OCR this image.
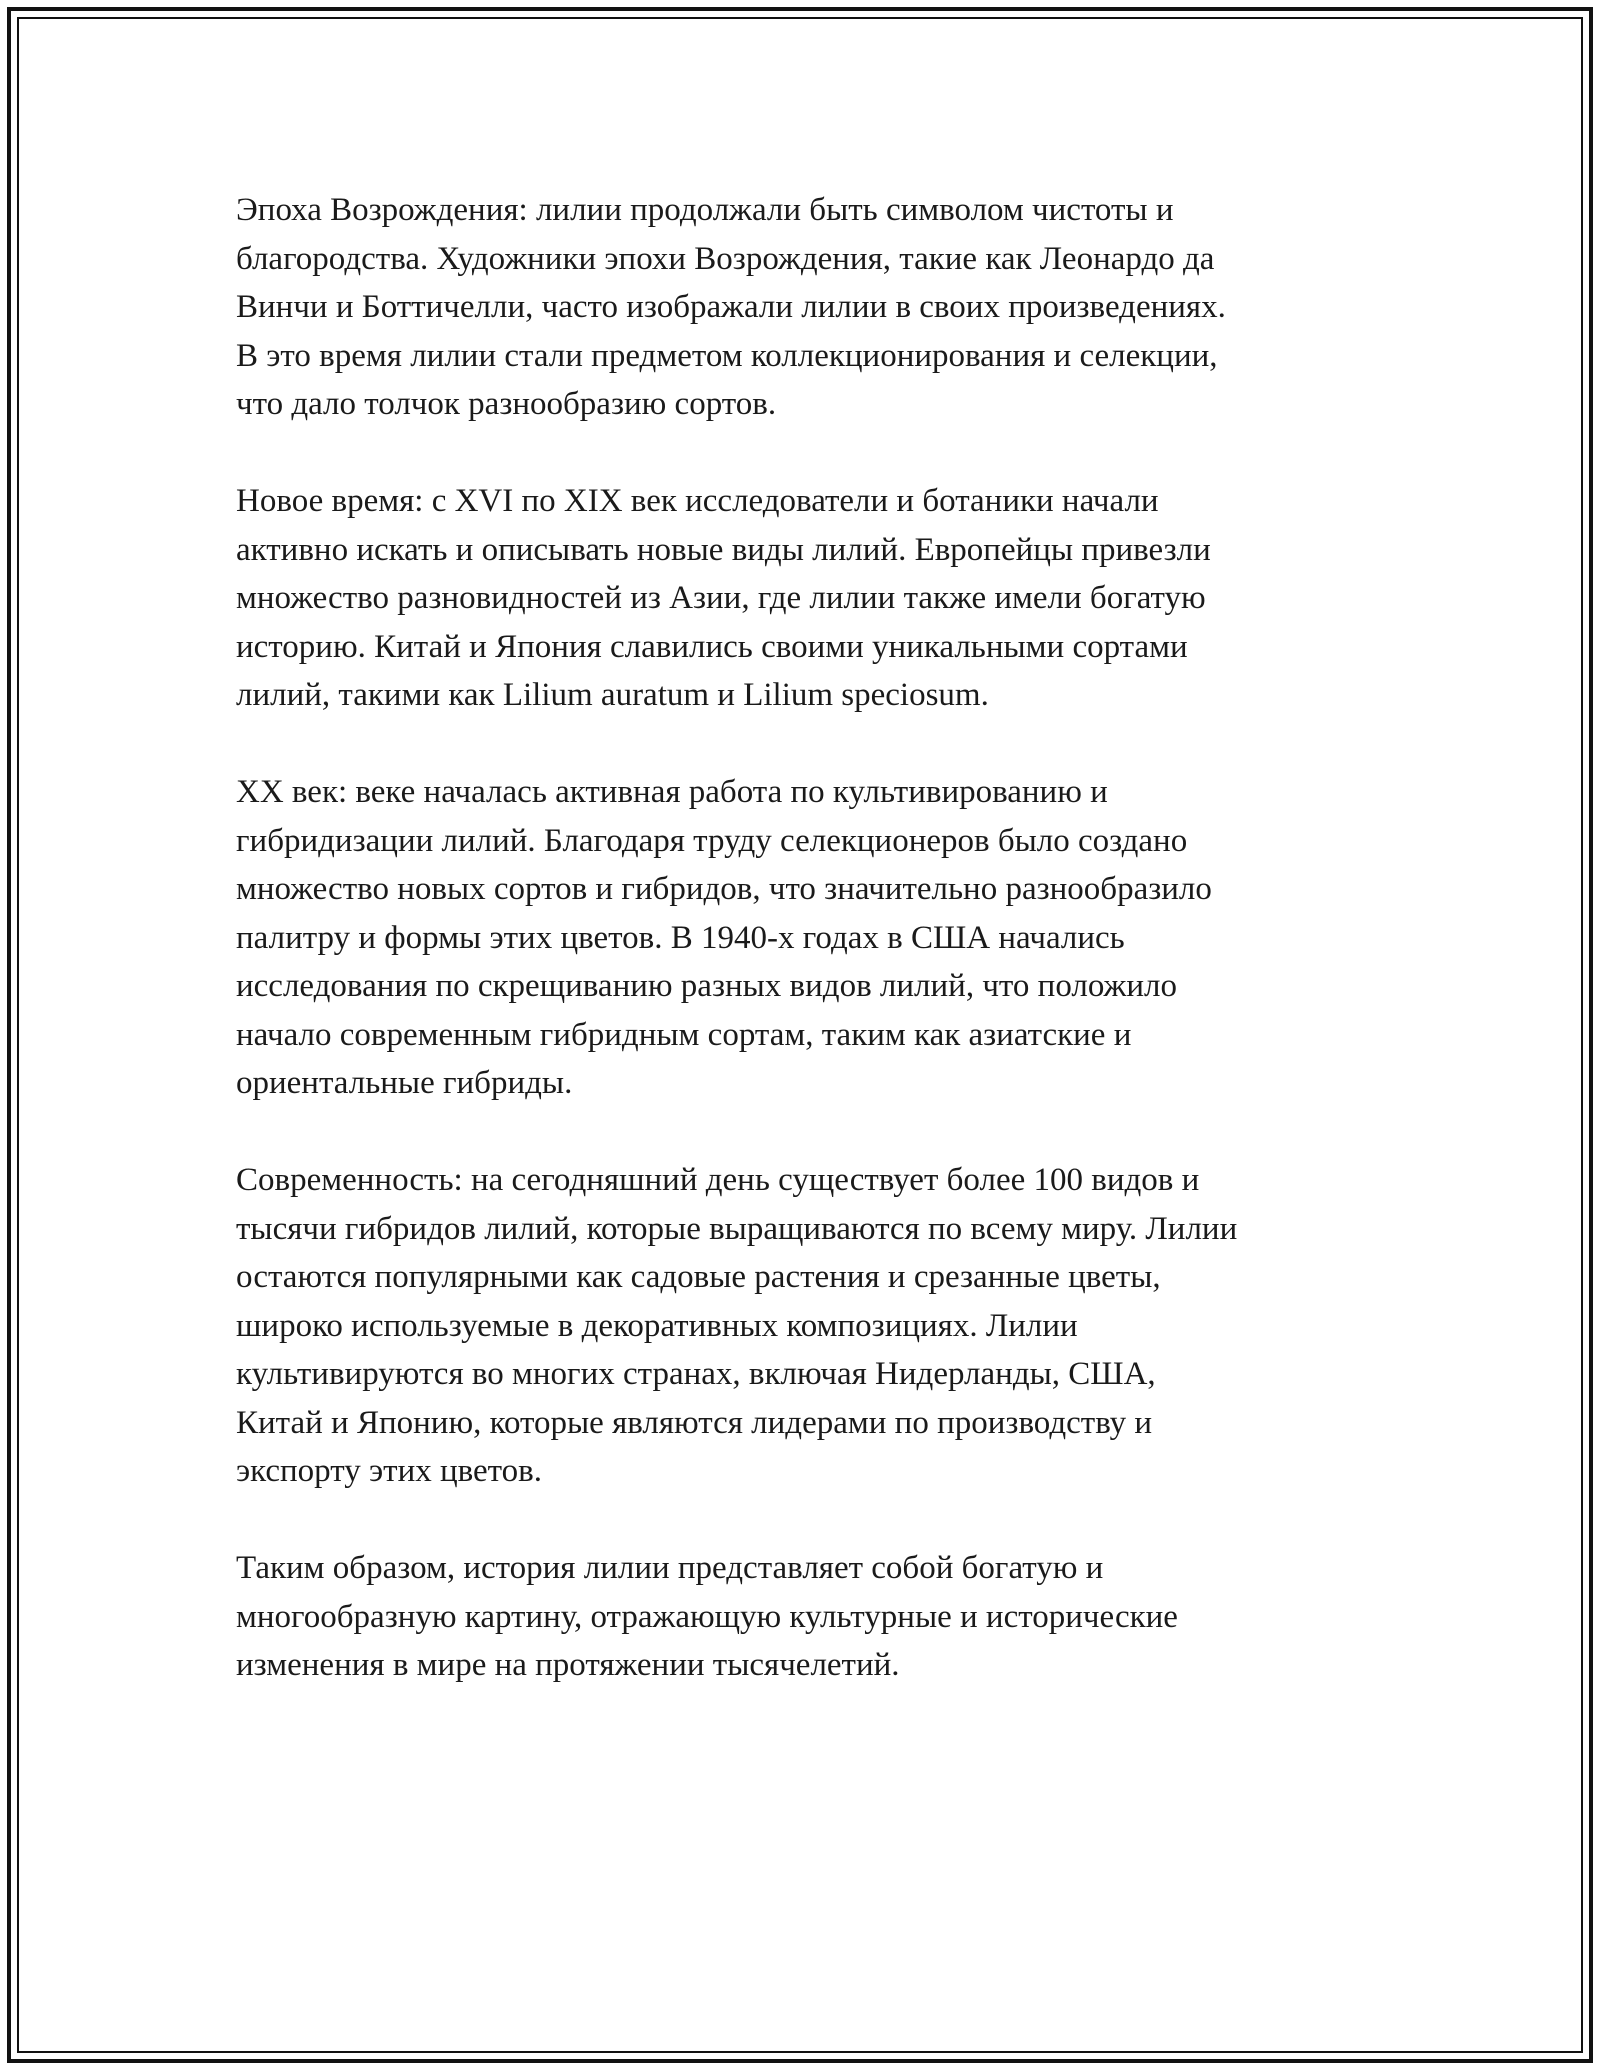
Эпоха Возрождения: лилии продолжали быть символом чистоты и
благородства. Художники эпохи Возрождения, такие как Леонардо да
Винчи и Боттичелли, часто изображали лилии в своих произведениях.
В это время лилии стали предметом коллекционирования и селекции,
что дало толчок разнообразию сортов.

Новое время: с XVI по XIX век исследователи и ботаники начали
активно искать и описывать новые виды лилий. Европейцы привезли
множество разновидностей из Азии, где лилии также имели богатую
историю. Китай и Япония славились своими уникальными сортами
лилий, такими как Lilium auratum и Lilium speciosum.

XX век: веке началась активная работа по культивированию и
гибридизации лилий. Благодаря труду селекционеров было создано
множество новых сортов и гибридов, что значительно разнообразило
палитру и формы этих цветов. В 1940-х годах в США начались
исследования по скрещиванию разных видов лилий, что положило
начало современным гибридным сортам, таким как азиатские и
ориентальные гибриды.

Современность: на сегодняшний день существует более 100 видов и
тысячи гибридов лилий, которые выращиваются по всему миру. Лилии
остаются популярными как садовые растения и срезанные цветы,
широко используемые в декоративных композициях. Лилии
культивируются во многих странах, включая Нидерланды, США,
Китай и Японию, которые являются лидерами по производству и
экспорту этих цветов.

Таким образом, история лилии представляет собой богатую и
многообразную картину, отражающую культурные и исторические
изменения в мире на протяжении тысячелетий.
